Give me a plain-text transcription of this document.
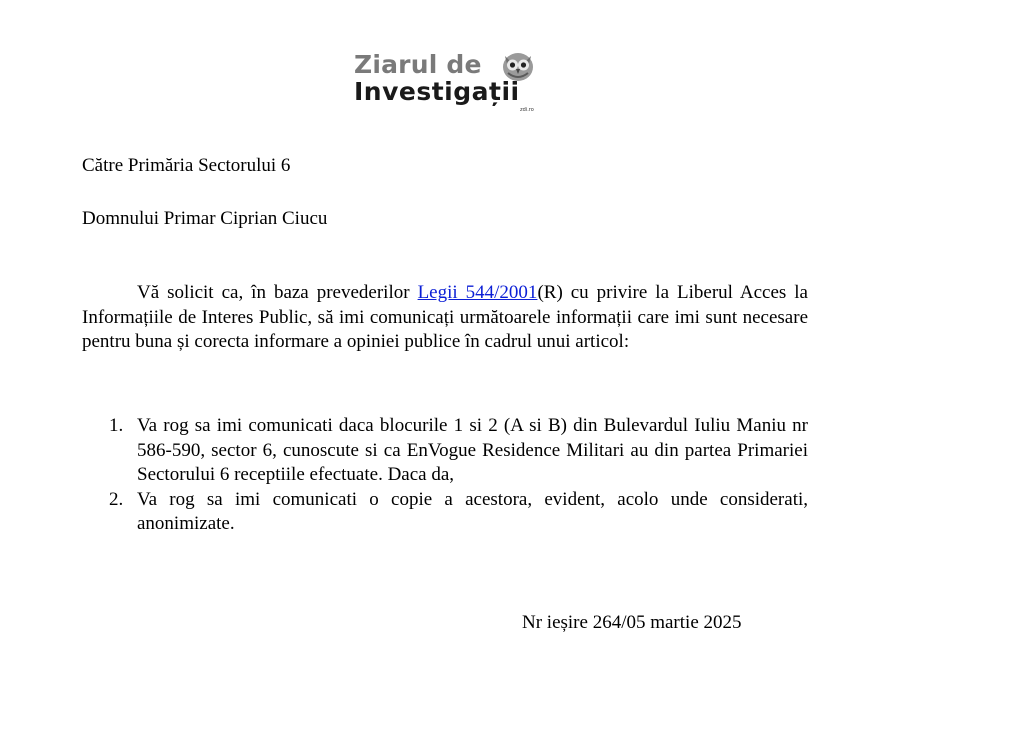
Ziarul de
Investigații
zdi.ro
Către Primăria Sectorului 6
Domnului Primar Ciprian Ciucu
Vă solicit ca, în baza prevederilor Legii 544/2001(R) cu privire la Liberul Acces la Informațiile de Interes Public, să imi comunicați următoarele informații care imi sunt necesare pentru buna și corecta informare a opiniei publice în cadrul unui articol:
1. Va rog sa imi comunicati daca blocurile 1 si 2 (A si B) din Bulevardul Iuliu Maniu nr 586-590, sector 6, cunoscute si ca EnVogue Residence Militari au din partea Primariei Sectorului 6 receptiile efectuate. Daca da,
2. Va rog sa imi comunicati o copie a acestora, evident, acolo unde considerati, anonimizate.
Nr ieșire 264/05 martie 2025
